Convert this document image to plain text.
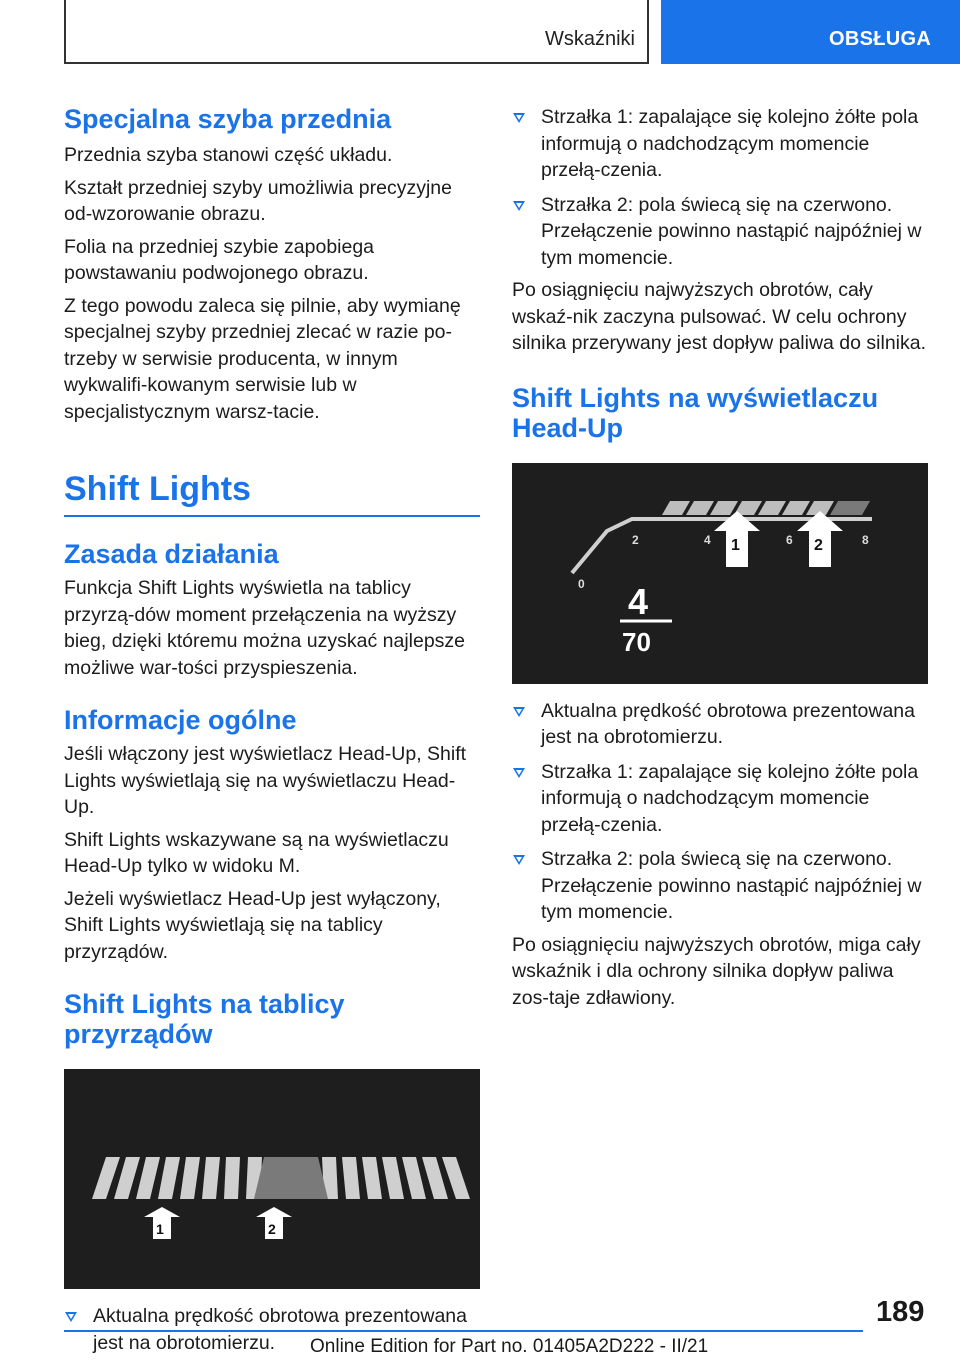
Wskaźniki	OBSŁUGA
Specjalna szyba przednia

Przednia szyba stanowi część układu.

Kształt przedniej szyby umożliwia precyzyjne od-wzorowanie obrazu.

Folia na przedniej szybie zapobiega powstawaniu podwojonego obrazu.

Z tego powodu zaleca się pilnie, aby wymianę specjalnej szyby przedniej zlecać w razie po-trzeby w serwisie producenta, w innym wykwalifi-kowanym serwisie lub w specjalistycznym warsz-tacie.

Shift Lights
Zasada działania

Funkcja Shift Lights wyświetla na tablicy przyrzą-dów moment przełączenia na wyższy bieg, dzięki któremu można uzyskać najlepsze możliwe war-tości przyspieszenia.

Informacje ogólne

Jeśli włączony jest wyświetlacz Head-Up, Shift Lights wyświetlają się na wyświetlaczu Head-Up.

Shift Lights wskazywane są na wyświetlaczu Head-Up tylko w widoku M.

Jeżeli wyświetlacz Head-Up jest wyłączony, Shift Lights wyświetlają się na tablicy przyrządów.

Shift Lights na tablicy przyrządów
1	2
Aktualna prędkość obrotowa prezentowana jest na obrotomierzu.
Strzałka 1: zapalające się kolejno żółte pola informują o nadchodzącym momencie przełą-czenia.
Strzałka 2: pola świecą się na czerwono. Przełączenie powinno nastąpić najpóźniej w tym momencie.

Po osiągnięciu najwyższych obrotów, cały wskaź-nik zaczyna pulsować. W celu ochrony silnika przerywany jest dopływ paliwa do silnika.

Shift Lights na wyświetlaczu Head-Up
0
2	4	6	8
1	2
4
70
Aktualna prędkość obrotowa prezentowana jest na obrotomierzu.
Strzałka 1: zapalające się kolejno żółte pola informują o nadchodzącym momencie przełą-czenia.
Strzałka 2: pola świecą się na czerwono. Przełączenie powinno nastąpić najpóźniej w tym momencie.

Po osiągnięciu najwyższych obrotów, miga cały wskaźnik i dla ochrony silnika dopływ paliwa zos-taje zdławiony.

189
Online Edition for Part no. 01405A2D222 - II/21
